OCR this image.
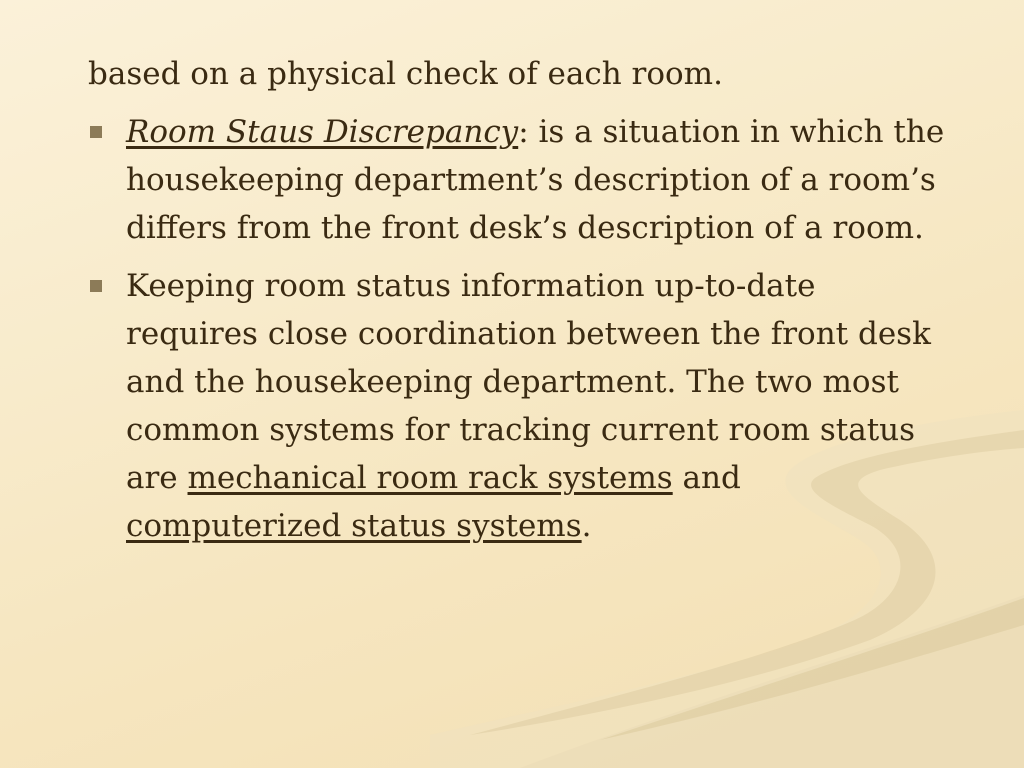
based on a physical check of each room.

Room Staus Discrepancy: is a situation in which the housekeeping department’s description of a room’s differs from the front desk’s description of a room.
Keeping room status information up-to-date requires close coordination between the front desk and the housekeeping department. The two most common systems for tracking current room status are mechanical room rack systems and computerized status systems.
